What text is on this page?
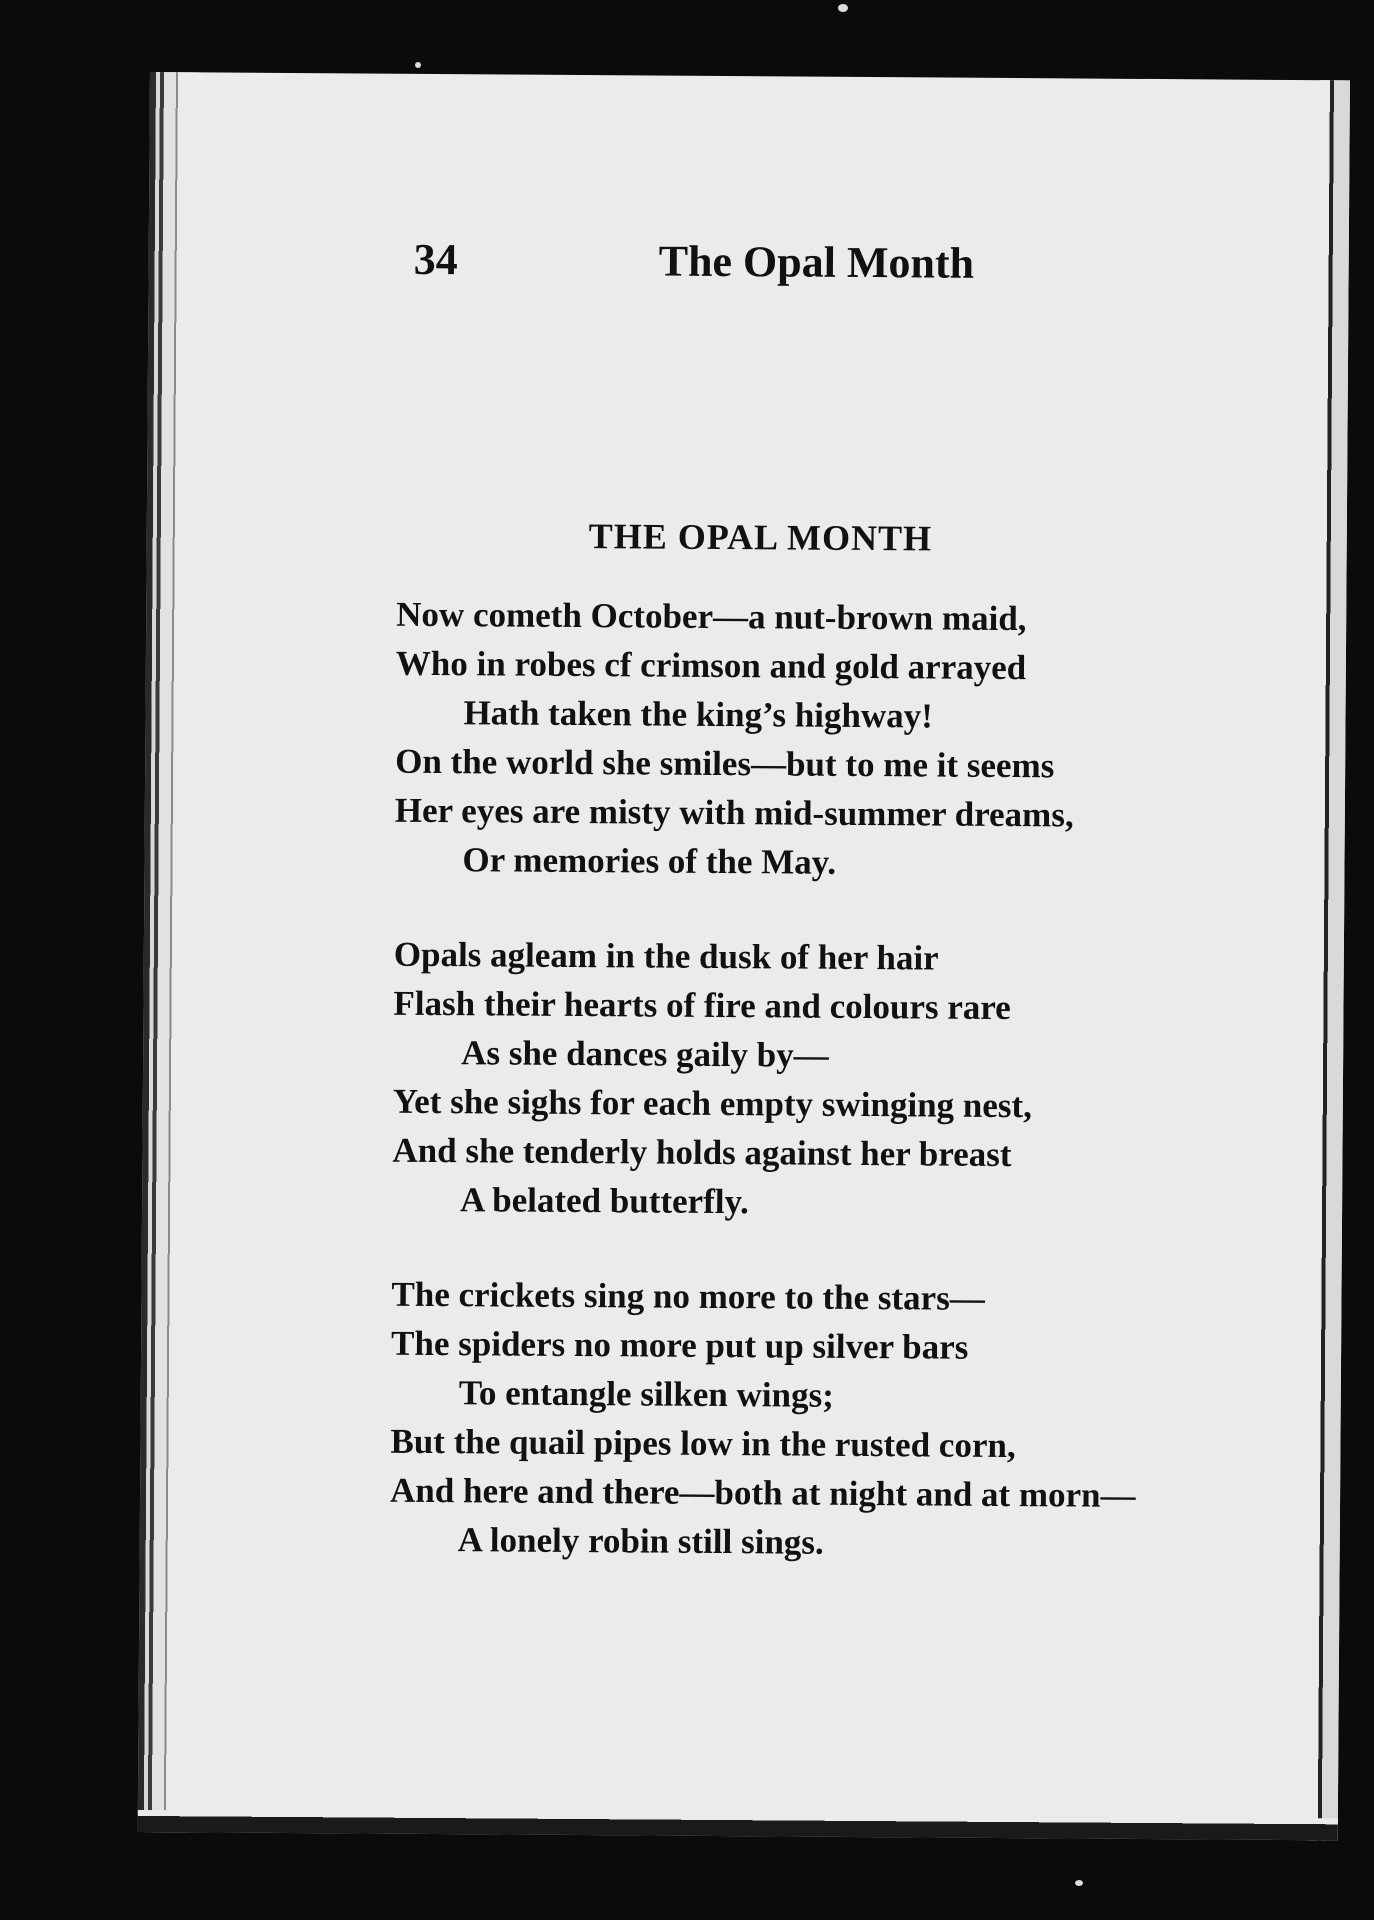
34	The Opal Month
THE OPAL MONTH
Now cometh October—a nut-brown maid,
Who in robes cf crimson and gold arrayed
Hath taken the king’s highway!
On the world she smiles—but to me it seems
Her eyes are misty with mid-summer dreams,
Or memories of the May.
Opals agleam in the dusk of her hair
Flash their hearts of fire and colours rare
As she dances gaily by—
Yet she sighs for each empty swinging nest,
And she tenderly holds against her breast
A belated butterfly.
The crickets sing no more to the stars—
The spiders no more put up silver bars
To entangle silken wings;
But the quail pipes low in the rusted corn,
And here and there—both at night and at morn—
A lonely robin still sings.
